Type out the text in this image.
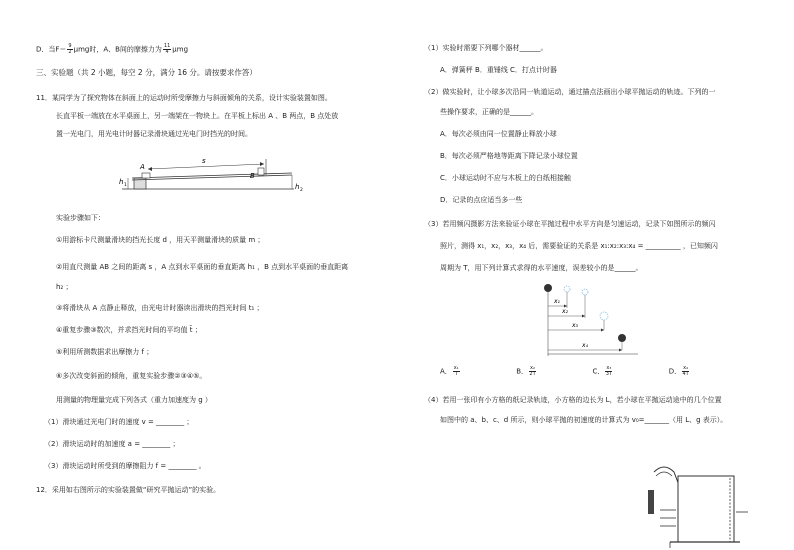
D．当$F= \frac{9}{2}$ μmg时，A、B间的摩擦力为 $\frac{11}{4}$ μmg
三、实验题（共 2 小题，每空 2 分，满分 16 分。请按要求作答）
11．某同学为了探究物体在斜面上的运动时所受摩擦力与斜面倾角的关系，设计实验装置如图。
长直平板一端放在水平桌面上，另一端架在一物块上。在平板上标出 A 、B 两点，B 点处放
置一光电门，用光电计时器记录滑块通过光电门时挡光的时间。
s
A
B
h 1	h 2
实验步骤如下：
①用游标卡尺测量滑块的挡光长度 d ，用天平测量滑块的质量 m ；
②用直尺测量 AB 之间的距离 s ，A 点到水平桌面的垂直距离 h₁ ，B 点到水平桌面的垂直距离
h₂ ；
③将滑块从 A 点静止释放，由光电计时器读出滑块的挡光时间 t₁ ；
④重复步骤③数次，并求挡光时间的平均值 t̄ ；
⑤利用所测数据求出摩擦力 f ；
⑥多次改变斜面的倾角，重复实验步骤②③④⑤。
用测量的物理量完成下列各式（重力加速度为 g ）
（1）滑块通过光电门时的速度 v = ________ ；
（2）滑块运动时的加速度 a = ________ ；
（3）滑块运动时所受到的摩擦阻力 f = ________ 。
12．采用如右图所示的实验装置做“研究平抛运动”的实验。
（1）实验时需要下列哪个器材______。
A．弹簧秤 B．重锤线 C．打点计时器
（2）做实验时，让小球多次沿同一轨道运动，通过描点法画出小球平抛运动的轨迹。下列的一
些操作要求，正确的是______。
A．每次必须由同一位置静止释放小球
B．每次必须严格地等距离下降记录小球位置
C．小球运动时不应与木板上的白纸相接触
D．记录的点应适当多一些
（3）若用频闪摄影方法来验证小球在平抛过程中水平方向是匀速运动，记录下如图所示的频闪
照片，测得 x₁，x₂，x₃，x₄ 后，需要验证的关系是 x₁:x₂:x₃:x₄ = __________ ，已知频闪
周期为 T，用下列计算式求得的水平速度，误差较小的是______。
x₁
x₂
x₃
x₄
A． $\frac{\text{x₁}}{T}$	B． $\frac{\text{x₂}}{2T}$	C． $\frac{\text{x₃}}{3T}$	D． $\frac{\text{x₄}}{4T}$
（4）若用一张印有小方格的纸记录轨迹，小方格的边长为 L，若小球在平抛运动途中的几个位置
如图中的 a、b、c、d 所示，则小球平抛的初速度的计算式为 v₀=_______（用 L、g 表示）。
